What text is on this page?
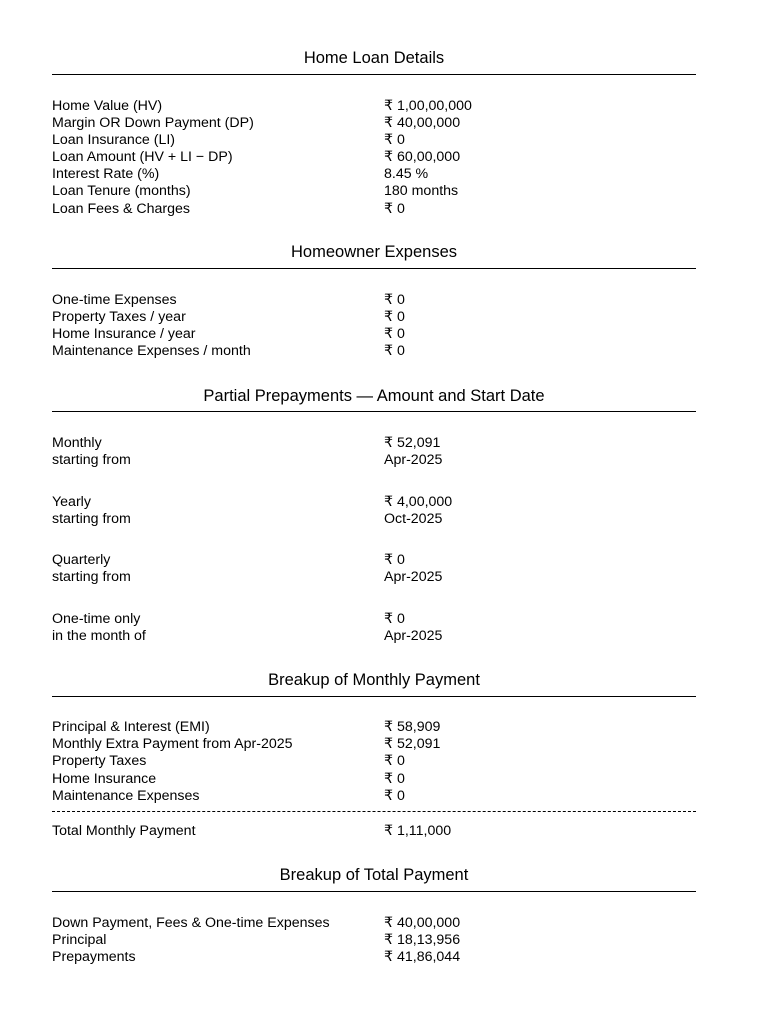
Home Loan Details
Home Value (HV)	₹ 1,00,00,000
Margin OR Down Payment (DP)	₹ 40,00,000
Loan Insurance (LI)	₹ 0
Loan Amount (HV + LI − DP)	₹ 60,00,000
Interest Rate (%)	8.45 %
Loan Tenure (months)	180 months
Loan Fees & Charges	₹ 0
Homeowner Expenses
One-time Expenses	₹ 0
Property Taxes / year	₹ 0
Home Insurance / year	₹ 0
Maintenance Expenses / month	₹ 0
Partial Prepayments — Amount and Start Date
Monthly	₹ 52,091
starting from	Apr-2025
Yearly	₹ 4,00,000
starting from	Oct-2025
Quarterly	₹ 0
starting from	Apr-2025
One-time only	₹ 0
in the month of	Apr-2025
Breakup of Monthly Payment
Principal & Interest (EMI)	₹ 58,909
Monthly Extra Payment from Apr-2025	₹ 52,091
Property Taxes	₹ 0
Home Insurance	₹ 0
Maintenance Expenses	₹ 0
Total Monthly Payment	₹ 1,11,000
Breakup of Total Payment
Down Payment, Fees & One-time Expenses	₹ 40,00,000
Principal	₹ 18,13,956
Prepayments	₹ 41,86,044
